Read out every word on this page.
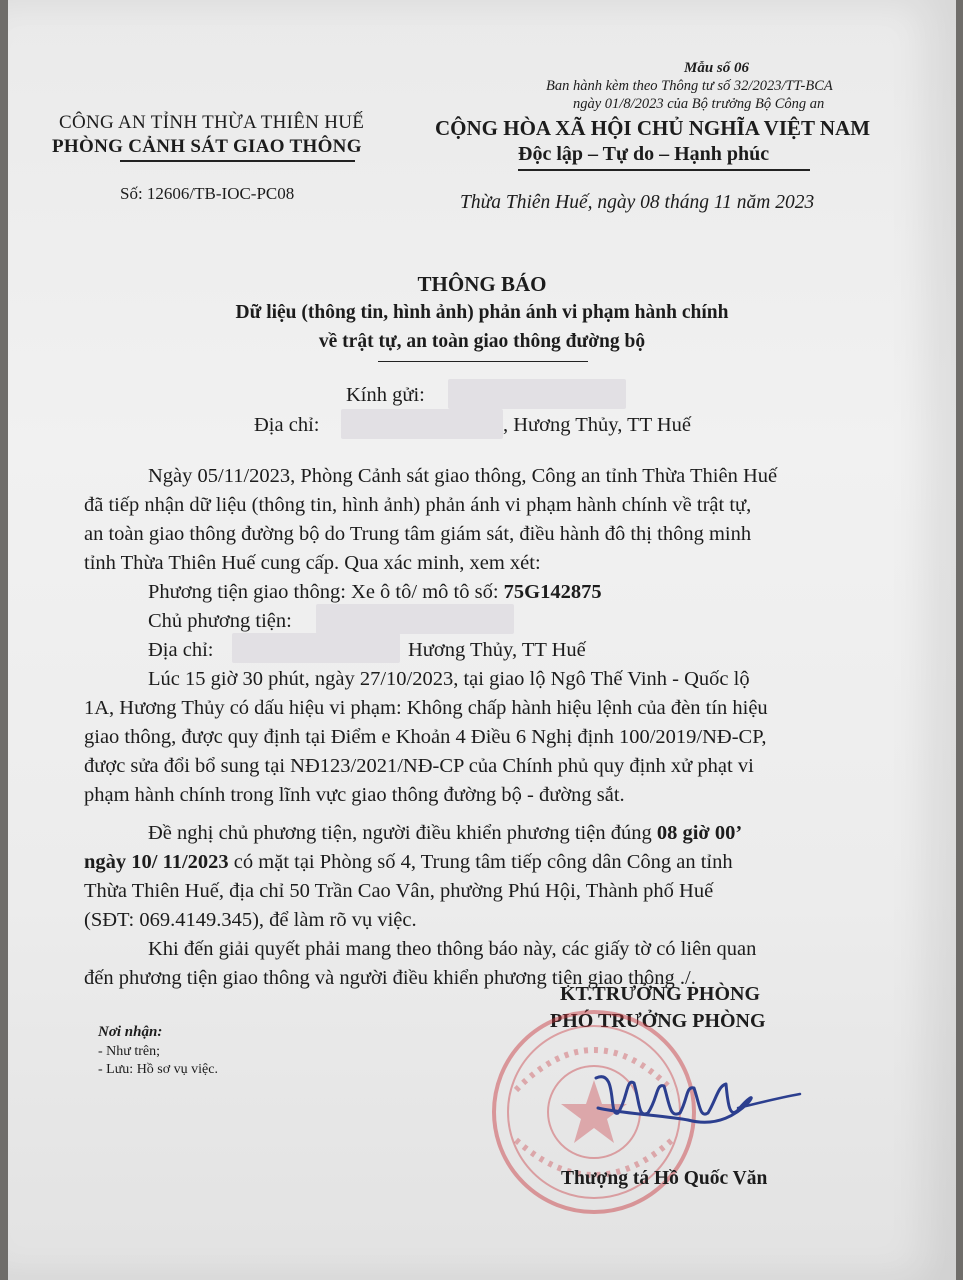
Mẫu số 06
Ban hành kèm theo Thông tư số 32/2023/TT-BCA
ngày 01/8/2023 của Bộ trưởng Bộ Công an
CÔNG AN TỈNH THỪA THIÊN HUẾ
PHÒNG CẢNH SÁT GIAO THÔNG
Số: 12606/TB-IOC-PC08
CỘNG HÒA XÃ HỘI CHỦ NGHĨA VIỆT NAM
Độc lập – Tự do – Hạnh phúc
Thừa Thiên Huế, ngày 08 tháng 11 năm 2023
THÔNG BÁO
Dữ liệu (thông tin, hình ảnh) phản ánh vi phạm hành chính
về trật tự, an toàn giao thông đường bộ
Kính gửi:
Địa chỉ:	, Hương Thủy, TT Huế
Ngày 05/11/2023, Phòng Cảnh sát giao thông, Công an tỉnh Thừa Thiên Huế
đã tiếp nhận dữ liệu (thông tin, hình ảnh) phản ánh vi phạm hành chính về trật tự,
an toàn giao thông đường bộ do Trung tâm giám sát, điều hành đô thị thông minh
tỉnh Thừa Thiên Huế cung cấp. Qua xác minh, xem xét:
Phương tiện giao thông: Xe ô tô/ mô tô số: 75G142875
Chủ phương tiện:
Địa chỉ:	Hương Thủy, TT Huế
Lúc 15 giờ 30 phút, ngày 27/10/2023, tại giao lộ Ngô Thế Vinh - Quốc lộ
1A, Hương Thủy có dấu hiệu vi phạm: Không chấp hành hiệu lệnh của đèn tín hiệu
giao thông, được quy định tại Điểm e Khoản 4 Điều 6 Nghị định 100/2019/NĐ-CP,
được sửa đổi bổ sung tại NĐ123/2021/NĐ-CP của Chính phủ quy định xử phạt vi
phạm hành chính trong lĩnh vực giao thông đường bộ - đường sắt.
Đề nghị chủ phương tiện, người điều khiển phương tiện đúng 08 giờ 00’
ngày 10/ 11/2023 có mặt tại Phòng số 4, Trung tâm tiếp công dân Công an tỉnh
Thừa Thiên Huế, địa chỉ 50 Trần Cao Vân, phường Phú Hội, Thành phố Huế
(SĐT: 069.4149.345), để làm rõ vụ việc.
Khi đến giải quyết phải mang theo thông báo này, các giấy tờ có liên quan
đến phương tiện giao thông và người điều khiển phương tiện giao thông ./.
Nơi nhận:
- Như trên;
- Lưu: Hồ sơ vụ việc.
KT.TRƯỞNG PHÒNG
PHÓ TRƯỞNG PHÒNG
Thượng tá Hồ Quốc Văn
